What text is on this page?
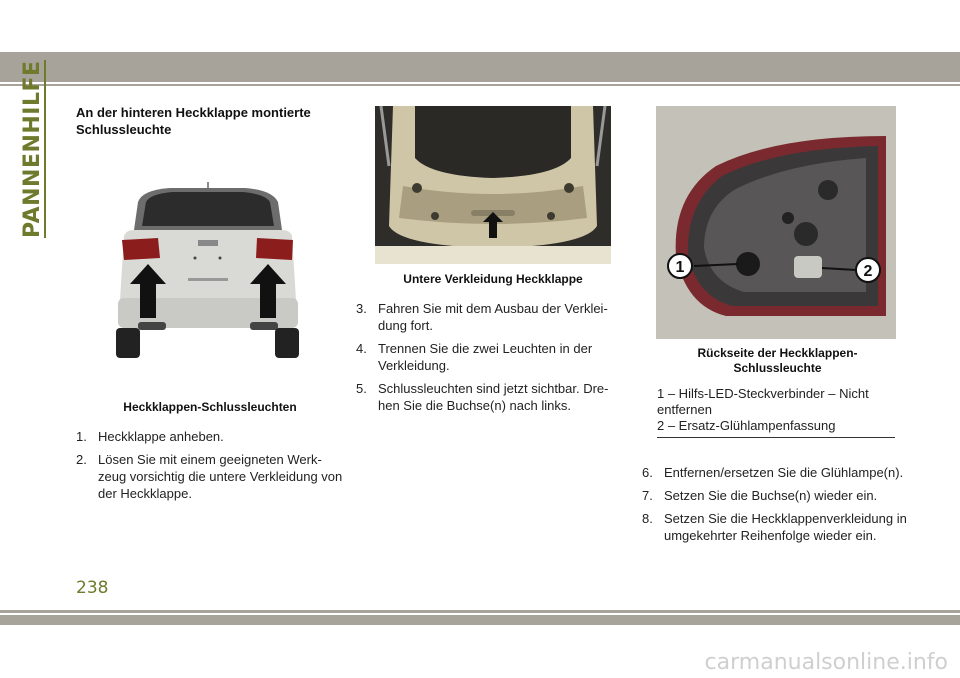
PANNENHILFE An der hinteren Heckklappe montierte Schlussleuchte
Heckklappen-Schlussleuchten
1. Heckklappe anheben.
2. Lösen Sie mit einem geeigneten Werk-zeug vorsichtig die untere Verkleidung von der Heckklappe.
Untere Verkleidung Heckklappe
3. Fahren Sie mit dem Ausbau der Verklei-dung fort.
4. Trennen Sie die zwei Leuchten in der Verkleidung.
5. Schlussleuchten sind jetzt sichtbar. Dre-hen Sie die Buchse(n) nach links.
1	2
Rückseite der Heckklappen-Schlussleuchte
1 – Hilfs-LED-Steckverbinder – Nicht entfernen
2 – Ersatz-Glühlampenfassung
6. Entfernen/ersetzen Sie die Glühlampe(n).
7. Setzen Sie die Buchse(n) wieder ein.
8. Setzen Sie die Heckklappenverkleidung in umgekehrter Reihenfolge wieder ein.
238
carmanualsonline.info
